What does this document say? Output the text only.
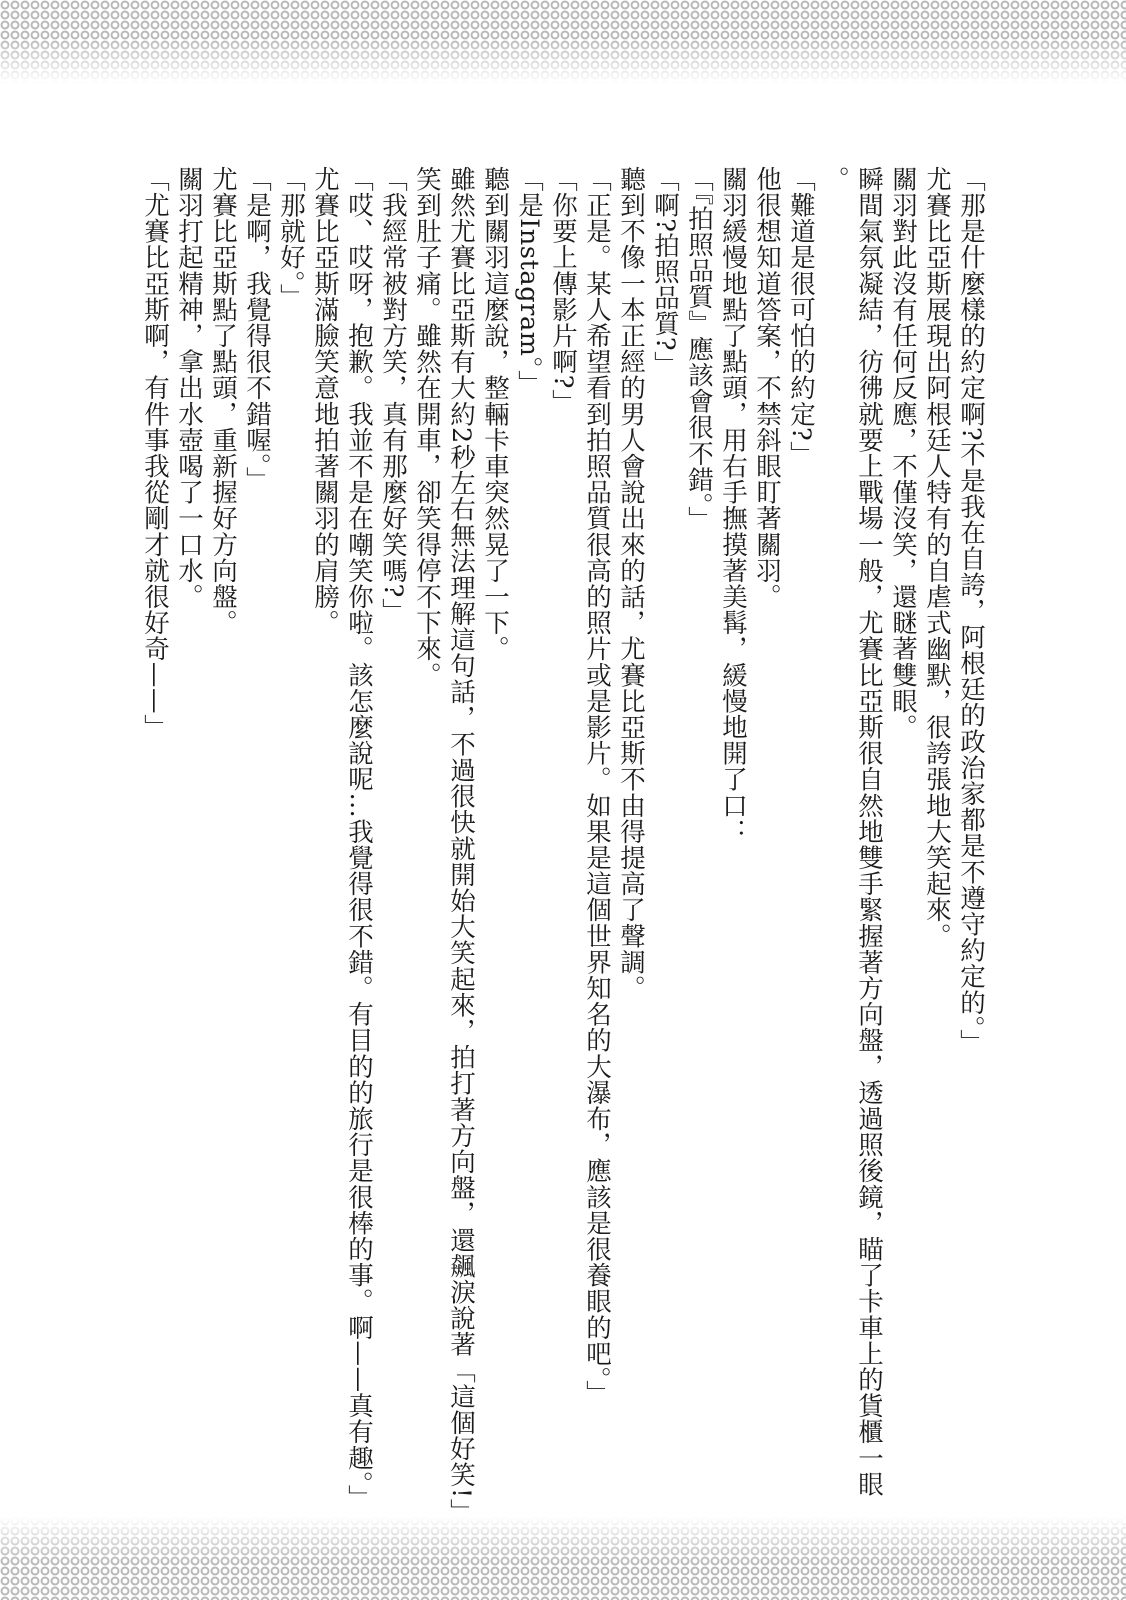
「那是什麼樣的約定啊?不是我在自誇，阿根廷的政治家都是不遵守約定的。」

尤賽比亞斯展現出阿根廷人特有的自虐式幽默，很誇張地大笑起來。

關羽對此沒有任何反應，不僅沒笑，還瞇著雙眼。

瞬間氣氛凝結，彷彿就要上戰場一般，尤賽比亞斯很自然地雙手緊握著方向盤，透過照後鏡，瞄了卡車上的貨櫃一眼。

「難道是很可怕的約定?」

他很想知道答案，不禁斜眼盯著關羽。

關羽緩慢地點了點頭，用右手撫摸著美髯，緩慢地開了口：

「『拍照品質』應該會很不錯。」

「啊?拍照品質?」

聽到不像一本正經的男人會說出來的話，尤賽比亞斯不由得提高了聲調。

「正是。某人希望看到拍照品質很高的照片或是影片。如果是這個世界知名的大瀑布，應該是很養眼的吧。」

「你要上傳影片啊?」

「是Instagram。」

聽到關羽這麼說，整輛卡車突然晃了一下。

雖然尤賽比亞斯有大約2秒左右無法理解這句話，不過很快就開始大笑起來，拍打著方向盤，還飆淚說著「這個好笑!」笑到肚子痛。雖然在開車，卻笑得停不下來。

「我經常被對方笑，真有那麼好笑嗎?」

「哎、哎呀，抱歉。我並不是在嘲笑你啦。該怎麼說呢…我覺得很不錯。有目的的旅行是很棒的事。啊——真有趣。」

尤賽比亞斯滿臉笑意地拍著關羽的肩膀。

「那就好。」

「是啊，我覺得很不錯喔。」

尤賽比亞斯點了點頭，重新握好方向盤。

關羽打起精神，拿出水壺喝了一口水。

「尤賽比亞斯啊，有件事我從剛才就很好奇——」
